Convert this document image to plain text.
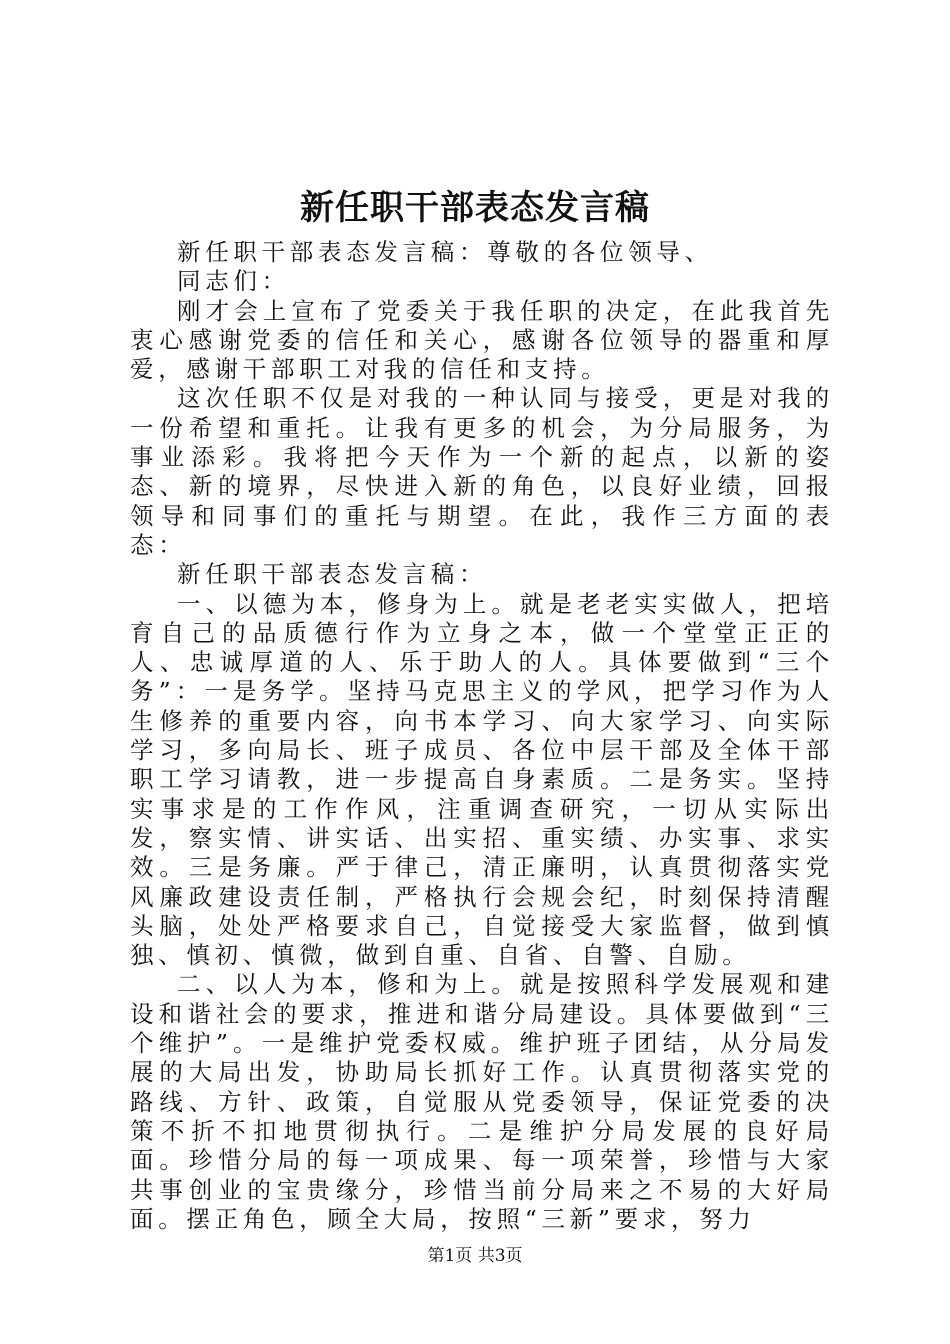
新任职干部表态发言稿

新任职干部表态发言稿：尊敬的各位领导、

同志们：

刚才会上宣布了党委关于我任职的决定，在此我首先衷心感谢党委的信任和关心，感谢各位领导的器重和厚爱，感谢干部职工对我的信任和支持。

这次任职不仅是对我的一种认同与接受，更是对我的一份希望和重托。让我有更多的机会，为分局服务，为事业添彩。我将把今天作为一个新的起点，以新的姿态、新的境界，尽快进入新的角色，以良好业绩，回报领导和同事们的重托与期望。在此，我作三方面的表态：

新任职干部表态发言稿：

一、以德为本，修身为上。就是老老实实做人，把培育自己的品质德行作为立身之本，做一个堂堂正正的人、忠诚厚道的人、乐于助人的人。具体要做到“三个务”：一是务学。坚持马克思主义的学风，把学习作为人生修养的重要内容，向书本学习、向大家学习、向实际学习，多向局长、班子成员、各位中层干部及全体干部职工学习请教，进一步提高自身素质。二是务实。坚持实事求是的工作作风，注重调查研究，一切从实际出发，察实情、讲实话、出实招、重实绩、办实事、求实效。三是务廉。严于律己，清正廉明，认真贯彻落实党风廉政建设责任制，严格执行会规会纪，时刻保持清醒头脑，处处严格要求自己，自觉接受大家监督，做到慎独、慎初、慎微，做到自重、自省、自警、自励。

二、以人为本，修和为上。就是按照科学发展观和建设和谐社会的要求，推进和谐分局建设。具体要做到“三个维护”。一是维护党委权威。维护班子团结，从分局发展的大局出发，协助局长抓好工作。认真贯彻落实党的路线、方针、政策，自觉服从党委领导，保证党委的决策不折不扣地贯彻执行。二是维护分局发展的良好局面。珍惜分局的每一项成果、每一项荣誉，珍惜与大家共事创业的宝贵缘分，珍惜当前分局来之不易的大好局面。摆正角色，顾全大局，按照“三新”要求，努力

第1页 共3页
